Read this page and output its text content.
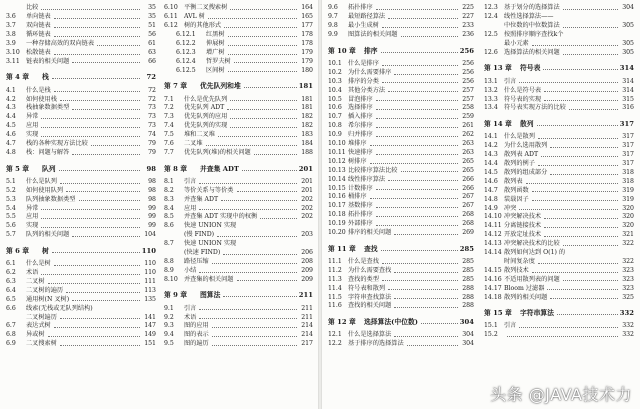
比较	35
3.6	单向链表	35
3.7	双向链表	51
3.8	循环链表	56
3.9	一种存储高效的双向链表	61
3.10	松散链表	63
3.11	链表的相关问题	66
第 4 章	栈	72
4.1	什么是栈	72
4.2	如何使用栈	72
4.3	栈抽象数据类型	73
4.4	异常	73
4.5	应用	73
4.6	实现	74
4.7	栈的各种实现方法比较	79
4.8	栈：问题与解答	79
第 5 章	队列	98
5.1	什么是队列	98
5.2	如何使用队列	98
5.3	队列抽象数据类型	98
5.4	异常	99
5.5	应用	99
5.6	实现	99
5.7	队列的相关问题	104
第 6 章	树	110
6.1	什么是树	110
6.2	术语	110
6.3	二叉树	111
6.4	二叉树的遍历	113
6.5	通用树(N 叉树)	135
6.6	线索(无栈或无队列结构)
二叉树遍历	141
6.7	表达式树	147
6.8	异或树	149
6.9	二叉搜索树	151
6.10	平衡二叉搜索树	164
6.11	AVL 树	165
6.12	树的其他形式	177
6.12.1	红黑树	178
6.12.2	伸展树	178
6.12.3	增广树	179
6.12.4	哲罗夫树	179
6.12.5	区间树	180
第 7 章	优先队列和堆	181
7.1	什么是优先队列	181
7.2	优先队列 ADT	181
7.3	优先队列的应用	182
7.4	优先队列的实现	182
7.5	堆和二叉堆	183
7.6	二叉堆	184
7.7	优先队列(堆)的相关问题	188
第 8 章	并查集 ADT	201
8.1	引言	201
8.2	等价关系与等价类	201
8.3	并查集 ADT	202
8.4	应用	202
8.5	并查集 ADT 实现中的权衡	202
8.6	快速 UNION 实现
(慢 FIND)	203
8.7	快速 UNION 实现
(快速 FIND)	206
8.8	路径压缩	208
8.9	小结	209
8.10	并查集的相关问题	209
第 9 章	图算法	211
9.1	引言	211
9.2	术语	211
9.3	图的应用	214
9.4	图的表示	214
9.5	图的遍历	217
9.6	拓扑排序	225
9.7	最短路径算法	227
9.8	最小生成树	233
9.9	图算法的相关问题	236
第 10 章	排序	256
10.1	什么是排序	256
10.2	为什么需要排序	256
10.3	排序的分类	256
10.4	其他分类方法	257
10.5	冒泡排序	257
10.6	选择排序	258
10.7	插入排序	259
10.8	希尔排序	261
10.9	归并排序	262
10.10 堆排序	263
10.11 快速排序	263
10.12 树排序	265
10.13 比较排序算法比较	265
10.14 线性排序算法	266
10.15 计数排序	266
10.16 桶排序	267
10.17 基数排序	267
10.18 拓扑排序	268
10.19 外部排序	268
10.20 排序的相关问题	269
第 11 章	查找	285
11.1	什么是查找	285
11.2	为什么需要查找	285
11.3	查找的类型	285
11.4	符号表和散列	288
11.5	字符串查找算法	288
11.6	查找的相关问题	288
第 12 章	选择算法(中位数)	304
12.1	什么是选择算法	304
12.2	基于排序的选择算法	304
12.3	基于划分的选择算法	304
12.4	线性选择算法——
中位数的中位数算法	305
12.5	按照排序顺序查找k个
最小元素	305
12.6	选择算法的相关问题	305
第 13 章	符号表	314
13.1	引言	314
13.2	什么是符号表	314
13.3	符号表的实现	315
13.4	符号表实现方法的比较	316
第 14 章	散列	317
14.1	什么是散列	317
14.2	为什么选用散列	317
14.3	散列表 ADT	317
14.4	散列的例子	317
14.5	散列的组成部分	318
14.6	散列表	318
14.7	散列函数	319
14.8	装载因子	319
14.9	冲突	320
14.10 冲突解决技术	320
14.11 分离链接技术	320
14.12 开放定址技术	321
14.13 冲突解决技术的比较	322
14.14 散列如何达到 O(1) 的
时间复杂度	322
14.15 散列技术	323
14.16 不适用散列表的问题	323
14.17 Bloom 过滤器	323
14.18 散列的相关问题	325
第 15 章	字符串算法	332
15.1	引言	332
15.2	332
头条 @JAVA技术力
